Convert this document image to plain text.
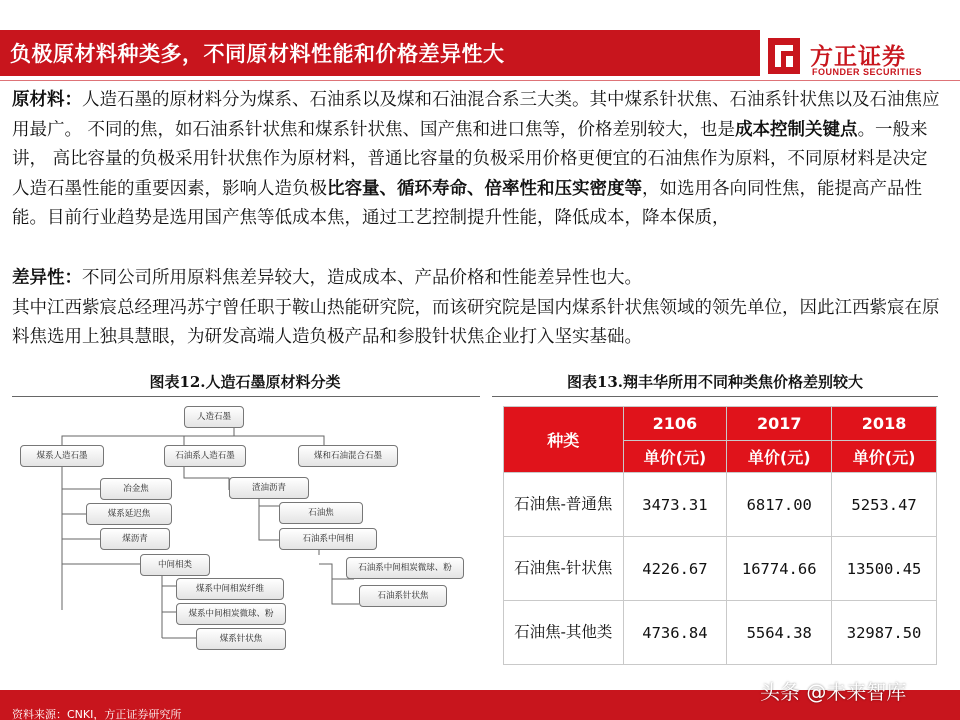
负极原材料种类多，不同原材料性能和价格差异性大	方正证券
FOUNDER SECURITIES
原材料：人造石墨的原材料分为煤系、石油系以及煤和石油混合系三大类。其中煤系针状焦、石油系针状焦以及石油焦应用最广。 不同的焦，如石油系针状焦和煤系针状焦、国产焦和进口焦等，价格差别较大，也是成本控制关键点。一般来讲， 高比容量的负极采用针状焦作为原材料，普通比容量的负极采用价格更便宜的石油焦作为原料，不同原材料是决定人造石墨性能的重要因素，影响人造负极比容量、循环寿命、倍率性和压实密度等，如选用各向同性焦，能提高产品性能。目前行业趋势是选用国产焦等低成本焦，通过工艺控制提升性能，降低成本，降本保质，
差异性：不同公司所用原料焦差异较大，造成成本、产品价格和性能差异性也大。
其中江西紫宸总经理冯苏宁曾任职于鞍山热能研究院，而该研究院是国内煤系针状焦领域的领先单位，因此江西紫宸在原料焦选用上独具慧眼，为研发高端人造负极产品和参股针状焦企业打入坚实基础。
图表12.人造石墨原材料分类	图表13.翔丰华所用不同种类焦价格差别较大
人造石墨
煤系人造石墨	石油系人造石墨	煤和石油混合石墨
冶金焦
煤系延迟焦
煤沥青
中间相类
煤系中间相炭纤维
煤系中间相炭微球、粉
煤系针状焦
渣油沥青
石油焦
石油系中间相
石油系中间相炭微球、粉
石油系针状焦
种类	2106	2017	2018
	单价(元)	单价(元)	单价(元)
石油焦-普通焦	3473.31	6817.00	5253.47
石油焦-针状焦	4226.67	16774.66	13500.45
石油焦-其他类	4736.84	5564.38	32987.50
资料来源：CNKI，方正证券研究所
头条 @未来智库
